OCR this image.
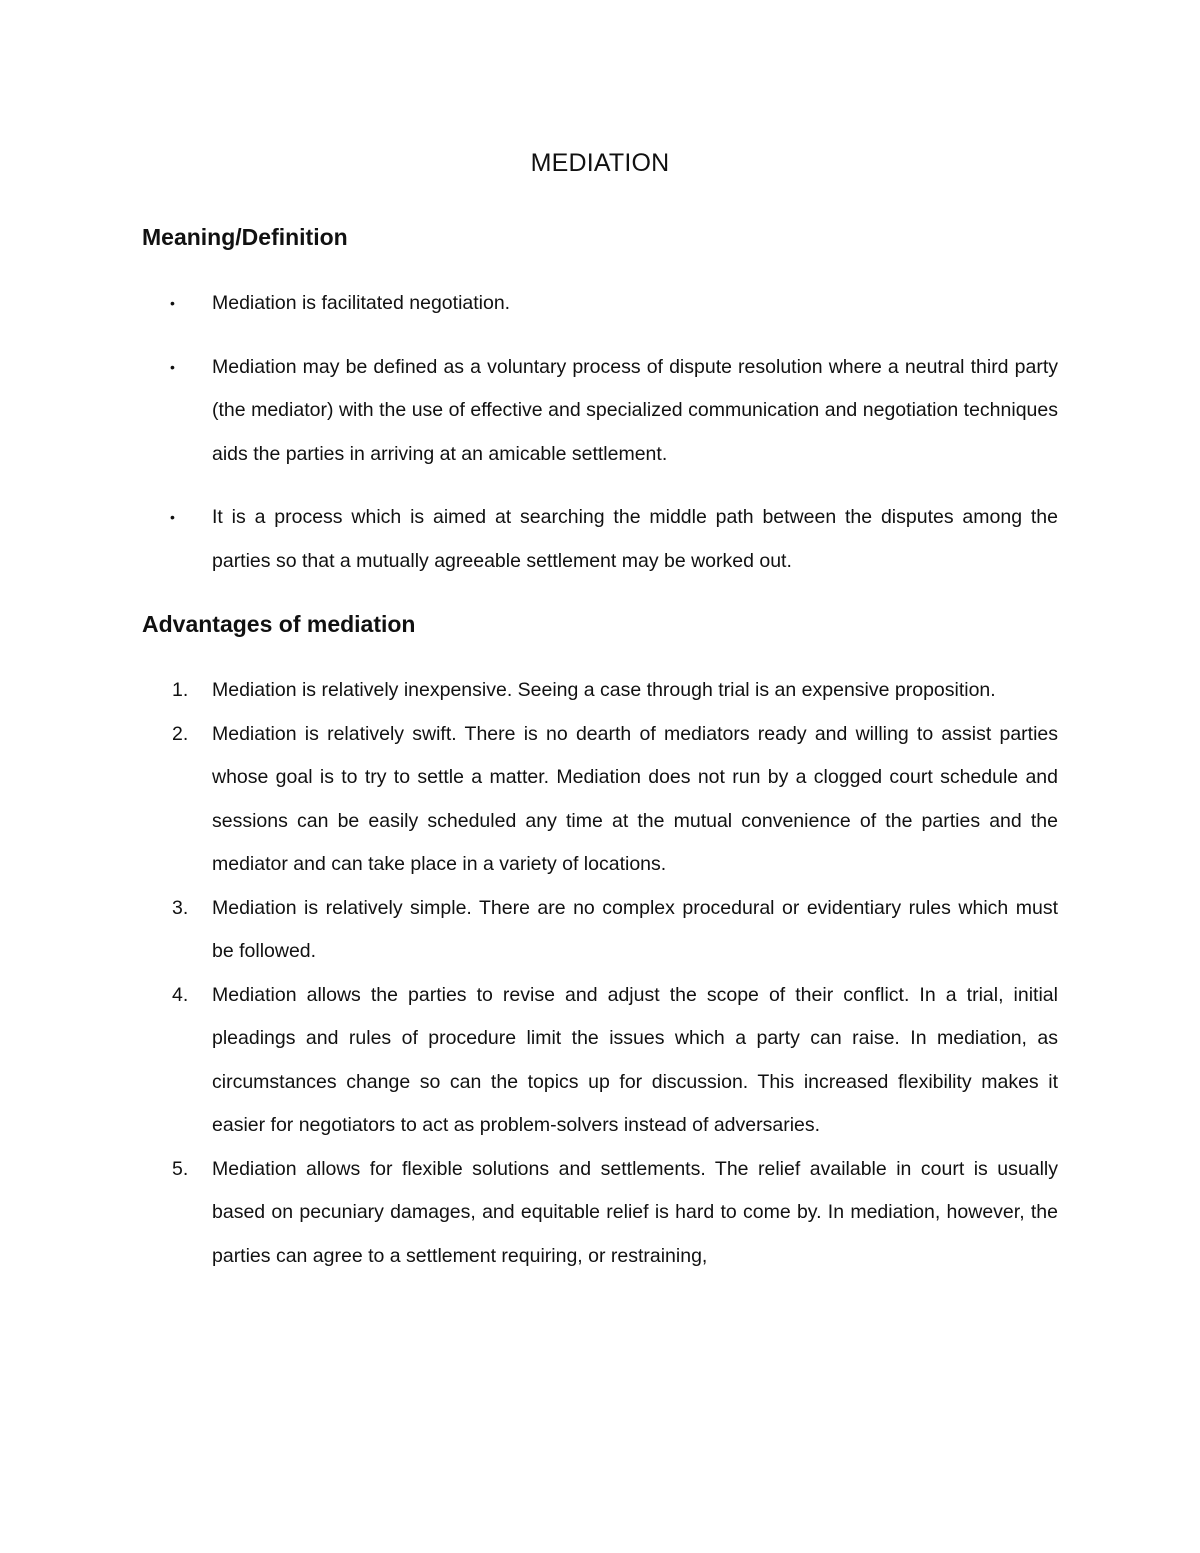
MEDIATION
Meaning/Definition
• Mediation is facilitated negotiation.
• Mediation may be defined as a voluntary process of dispute resolution where a neutral third party (the mediator) with the use of effective and specialized communication and negotiation techniques aids the parties in arriving at an amicable settlement.
• It is a process which is aimed at searching the middle path between the disputes among the parties so that a mutually agreeable settlement may be worked out.
Advantages of mediation
1. Mediation is relatively inexpensive. Seeing a case through trial is an expensive proposition.
2. Mediation is relatively swift. There is no dearth of mediators ready and willing to assist parties whose goal is to try to settle a matter. Mediation does not run by a clogged court schedule and sessions can be easily scheduled any time at the mutual convenience of the parties and the mediator and can take place in a variety of locations.
3. Mediation is relatively simple. There are no complex procedural or evidentiary rules which must be followed.
4. Mediation allows the parties to revise and adjust the scope of their conflict. In a trial, initial pleadings and rules of procedure limit the issues which a party can raise. In mediation, as circumstances change so can the topics up for discussion. This increased flexibility makes it easier for negotiators to act as problem-solvers instead of adversaries.
5. Mediation allows for flexible solutions and settlements. The relief available in court is usually based on pecuniary damages, and equitable relief is hard to come by. In mediation, however, the parties can agree to a settlement requiring, or restraining,
